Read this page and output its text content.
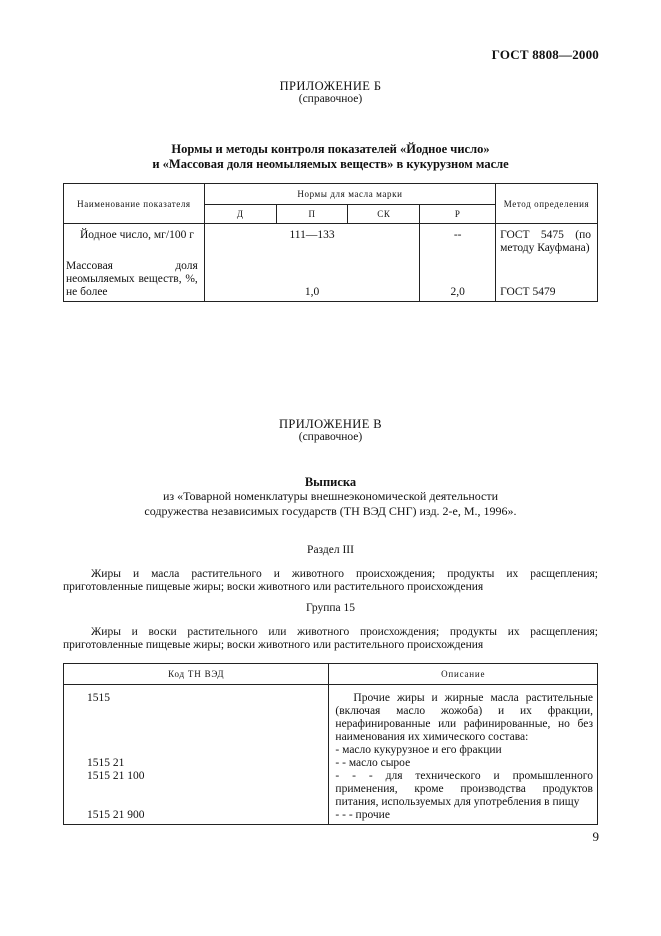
ГОСТ 8808—2000
ПРИЛОЖЕНИЕ Б
(справочное)
Нормы и методы контроля показателей «Йодное число»
и «Массовая доля неомыляемых веществ» в кукурузном масле
Наименование показателя	Нормы для масла марки				Метод определения
	Д	П	СК	Р	
Йодное число, мг/100 г	111—133			--	ГОСТ 5475 (по методу Кауфмана)
Массовая доля неомыляемых веществ, %, не более	1,0			2,0	ГОСТ 5479
ПРИЛОЖЕНИЕ В
(справочное)
Выписка
из «Товарной номенклатуры внешнеэкономической деятельности
содружества независимых государств (ТН ВЭД СНГ) изд. 2-е, М., 1996».
Раздел III
Жиры и масла растительного и животного происхождения; продукты их расщепления; приготовленные пищевые жиры; воски животного или растительного происхождения
Группа 15
Жиры и воски растительного или животного происхождения; продукты их расщепления; приготовленные пищевые жиры; воски животного или растительного происхождения
Код ТН ВЭД	Описание
1515	Прочие жиры и жирные масла растительные (включая масло жожоба) и их фракции, нерафинированные или рафинированные, но без наименования их химического состава:
	- масло кукурузное и его фракции
1515 21	- - масло сырое
1515 21 100	- - - для технического и промышленного применения, кроме производства продуктов питания, используемых для употребления в пищу
1515 21 900	- - - прочие
9
